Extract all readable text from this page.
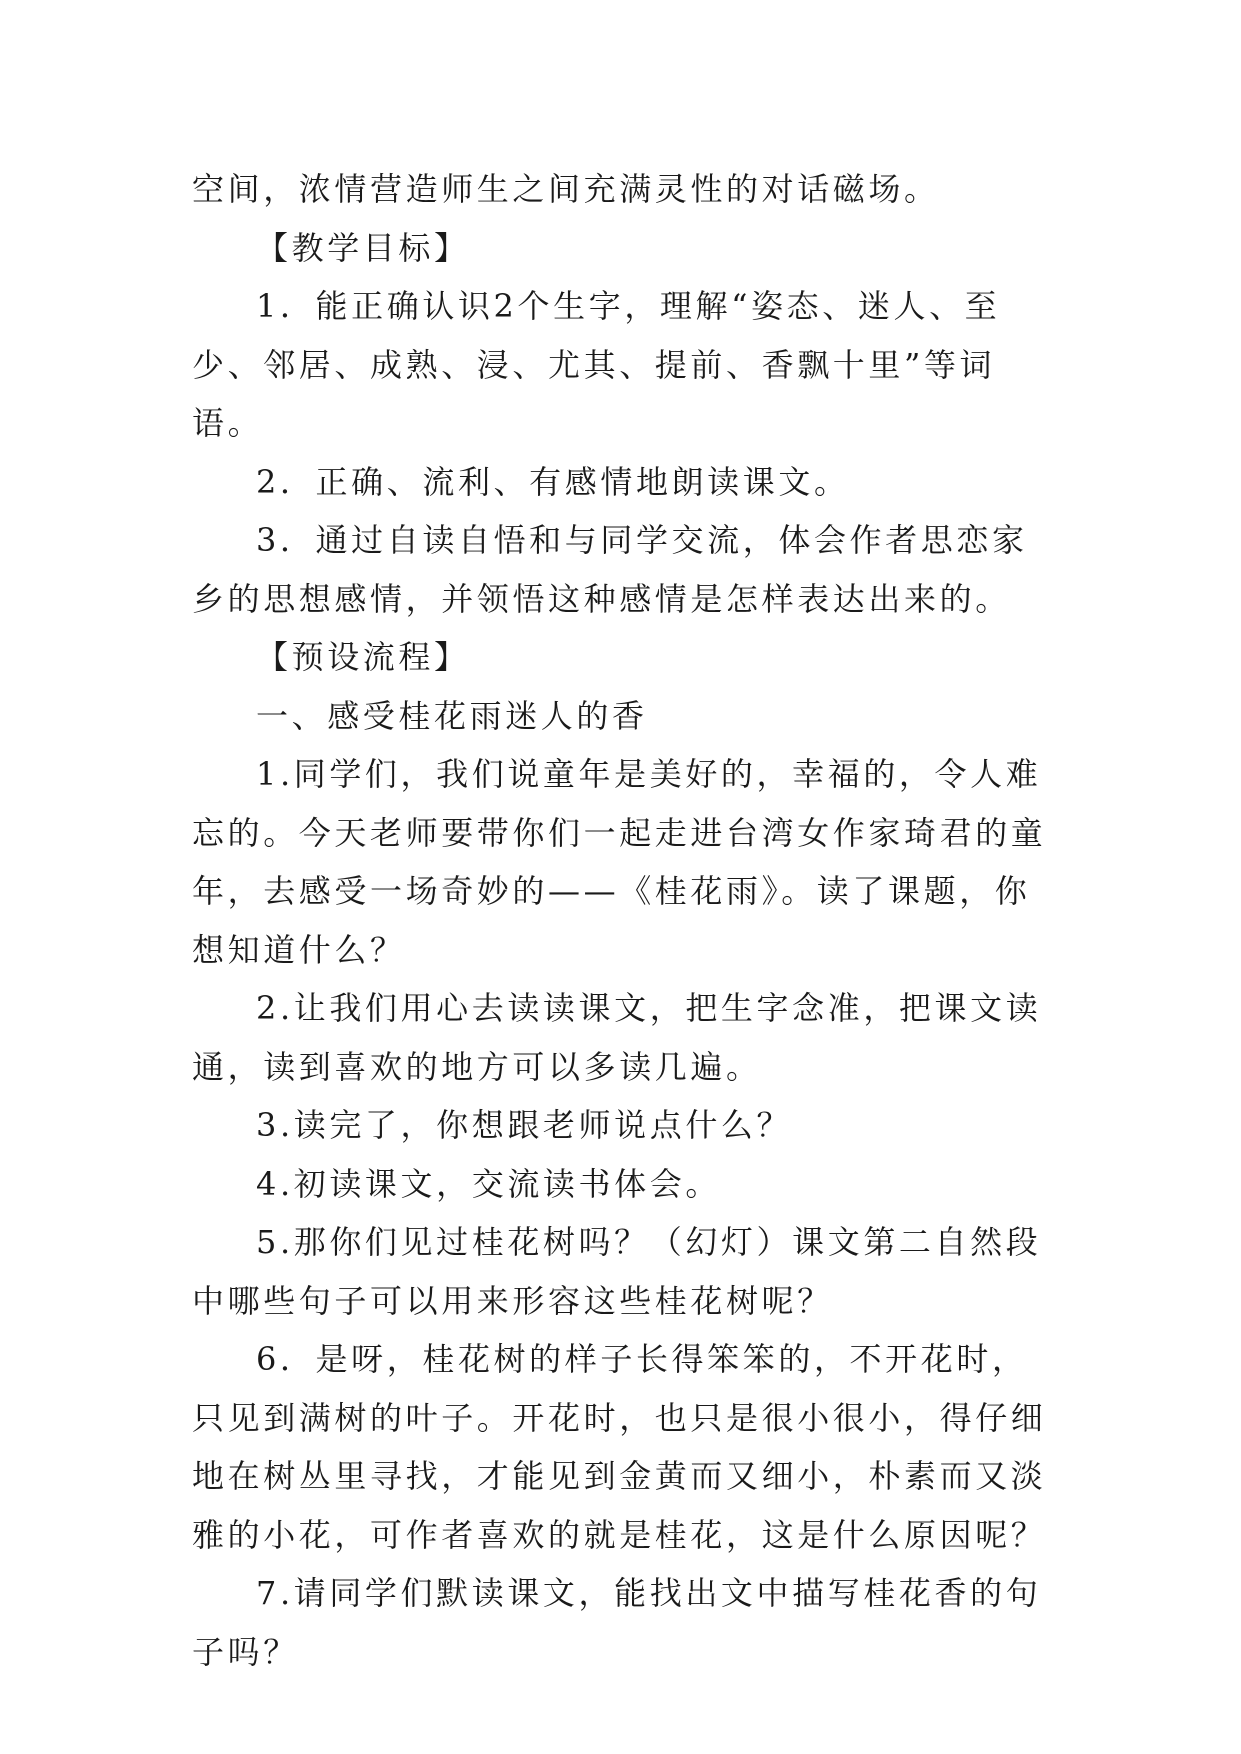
空间，浓情营造师生之间充满灵性的对话磁场。

【教学目标】

1．能正确认识2个生字，理解“姿态、迷人、至少、邻居、成熟、浸、尤其、提前、香飘十里”等词语。

2．正确、流利、有感情地朗读课文。

3．通过自读自悟和与同学交流，体会作者思恋家乡的思想感情，并领悟这种感情是怎样表达出来的。

【预设流程】

一、感受桂花雨迷人的香

1.同学们，我们说童年是美好的，幸福的，令人难忘的。今天老师要带你们一起走进台湾女作家琦君的童年，去感受一场奇妙的——《桂花雨》。读了课题，你想知道什么？

2.让我们用心去读读课文，把生字念准，把课文读通，读到喜欢的地方可以多读几遍。

3.读完了，你想跟老师说点什么？

4.初读课文，交流读书体会。

5.那你们见过桂花树吗？（幻灯）课文第二自然段中哪些句子可以用来形容这些桂花树呢？

6．是呀，桂花树的样子长得笨笨的，不开花时，只见到满树的叶子。开花时，也只是很小很小，得仔细地在树丛里寻找，才能见到金黄而又细小，朴素而又淡雅的小花，可作者喜欢的就是桂花，这是什么原因呢？

7.请同学们默读课文，能找出文中描写桂花香的句子吗？
